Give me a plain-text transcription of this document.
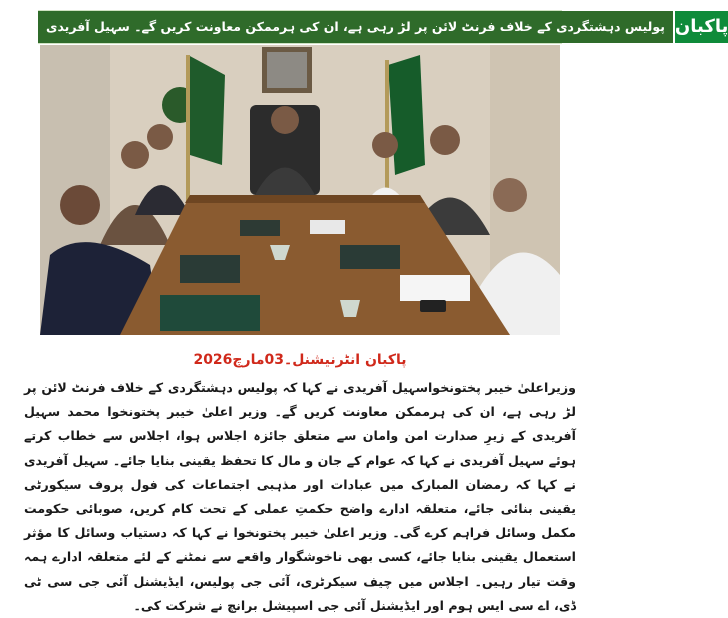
پولیس دہشتگردی کے خلاف فرنٹ لائن پر لڑ رہی ہے، ان کی ہرممکن معاونت کریں گے۔ سہیل آفریدی پاکبان
پاکبان انٹرنیشنل۔03مارچ2026
وزیراعلیٰ خیبر پختونخواسہیل آفریدی نے کہا کہ پولیس دہشتگردی کے خلاف فرنٹ لائن پر لڑ رہی ہے، ان کی ہرممکن معاونت کریں گے۔ وزیر اعلیٰ خیبر پختونخوا محمد سہیل آفریدی کے زیرِ صدارت امن وامان سے متعلق جائزہ اجلاس ہوا، اجلاس سے خطاب کرتے ہوئے سہیل آفریدی نے کہا کہ عوام کے جان و مال کا تحفظ یقینی بنایا جائے۔ سہیل آفریدی نے کہا کہ رمضان المبارک میں عبادات اور مذہبی اجتماعات کی فول پروف سیکورٹی یقینی بنائی جائے، متعلقہ ادارے واضح حکمتِ عملی کے تحت کام کریں، صوبائی حکومت مکمل وسائل فراہم کرے گی۔ وزیر اعلیٰ خیبر پختونخوا نے کہا کہ دستیاب وسائل کا مؤثر استعمال یقینی بنایا جائے، کسی بھی ناخوشگوار واقعے سے نمٹنے کے لئے متعلقہ ادارے ہمہ وقت تیار رہیں۔ اجلاس میں چیف سیکرٹری، آئی جی پولیس، ایڈیشنل آئی جی سی ٹی ڈی، اے سی ایس ہوم اور ایڈیشنل آئی جی اسپیشل برانچ نے شرکت کی۔
